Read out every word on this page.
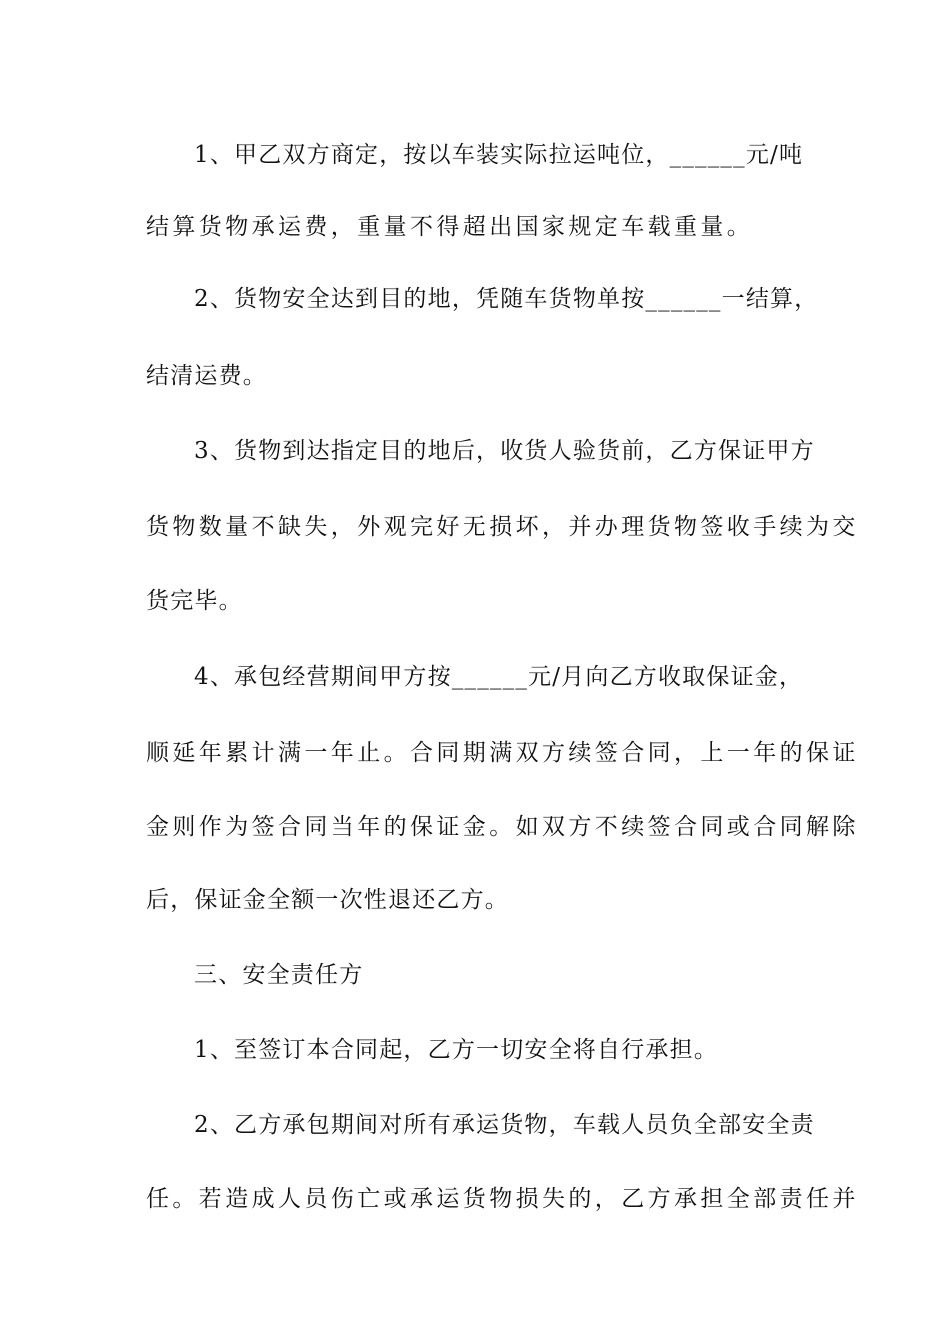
1、甲乙双方商定，按以车装实际拉运吨位，______元/吨
结算货物承运费，重量不得超出国家规定车载重量。
2、货物安全达到目的地，凭随车货物单按______一结算，
结清运费。
3、货物到达指定目的地后，收货人验货前，乙方保证甲方
货物数量不缺失，外观完好无损坏，并办理货物签收手续为交
货完毕。
4、承包经营期间甲方按______元/月向乙方收取保证金，
顺延年累计满一年止。合同期满双方续签合同，上一年的保证
金则作为签合同当年的保证金。如双方不续签合同或合同解除
后，保证金全额一次性退还乙方。
三、安全责任方
1、至签订本合同起，乙方一切安全将自行承担。
2、乙方承包期间对所有承运货物，车载人员负全部安全责
任。若造成人员伤亡或承运货物损失的，乙方承担全部责任并
